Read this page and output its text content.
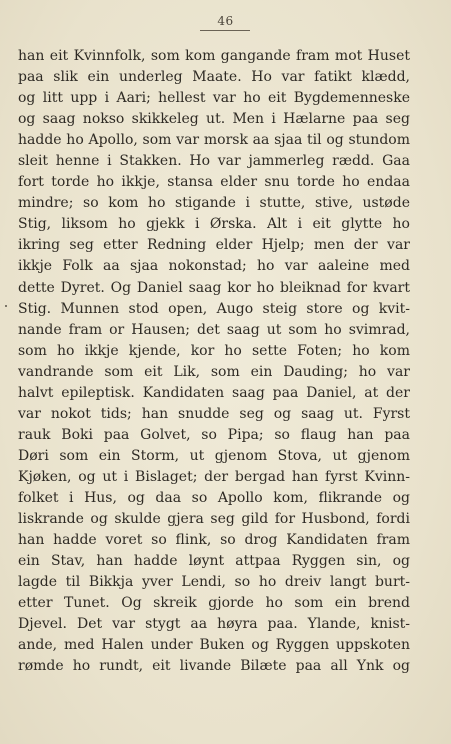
46
han eit Kvinnfolk, som kom gangande fram mot Huset
paa slik ein underleg Maate. Ho var fatikt klædd,
og litt upp i Aari; hellest var ho eit Bygdemenneske
og saag nokso skikkeleg ut. Men i Hælarne paa seg
hadde ho Apollo, som var morsk aa sjaa til og stundom
sleit henne i Stakken. Ho var jammerleg rædd. Gaa
fort torde ho ikkje, stansa elder snu torde ho endaa
mindre; so kom ho stigande i stutte, stive, ustøde
Stig, liksom ho gjekk i Ørska. Alt i eit glytte ho
ikring seg etter Redning elder Hjelp; men der var
ikkje Folk aa sjaa nokonstad; ho var aaleine med
dette Dyret. Og Daniel saag kor ho bleiknad for kvart
Stig. Munnen stod open, Augo steig store og kvit-
nande fram or Hausen; det saag ut som ho svimrad,
som ho ikkje kjende, kor ho sette Foten; ho kom
vandrande som eit Lik, som ein Dauding; ho var
halvt epileptisk. Kandidaten saag paa Daniel, at der
var nokot tids; han snudde seg og saag ut. Fyrst
rauk Boki paa Golvet, so Pipa; so flaug han paa
Døri som ein Storm, ut gjenom Stova, ut gjenom
Kjøken, og ut i Bislaget; der bergad han fyrst Kvinn-
folket i Hus, og daa so Apollo kom, flikrande og
liskrande og skulde gjera seg gild for Husbond, fordi
han hadde voret so flink, so drog Kandidaten fram
ein Stav, han hadde løynt attpaa Ryggen sin, og
lagde til Bikkja yver Lendi, so ho dreiv langt burt-
etter Tunet. Og skreik gjorde ho som ein brend
Djevel. Det var stygt aa høyra paa. Ylande, knist-
ande, med Halen under Buken og Ryggen uppskoten
rømde ho rundt, eit livande Bilæte paa all Ynk og
